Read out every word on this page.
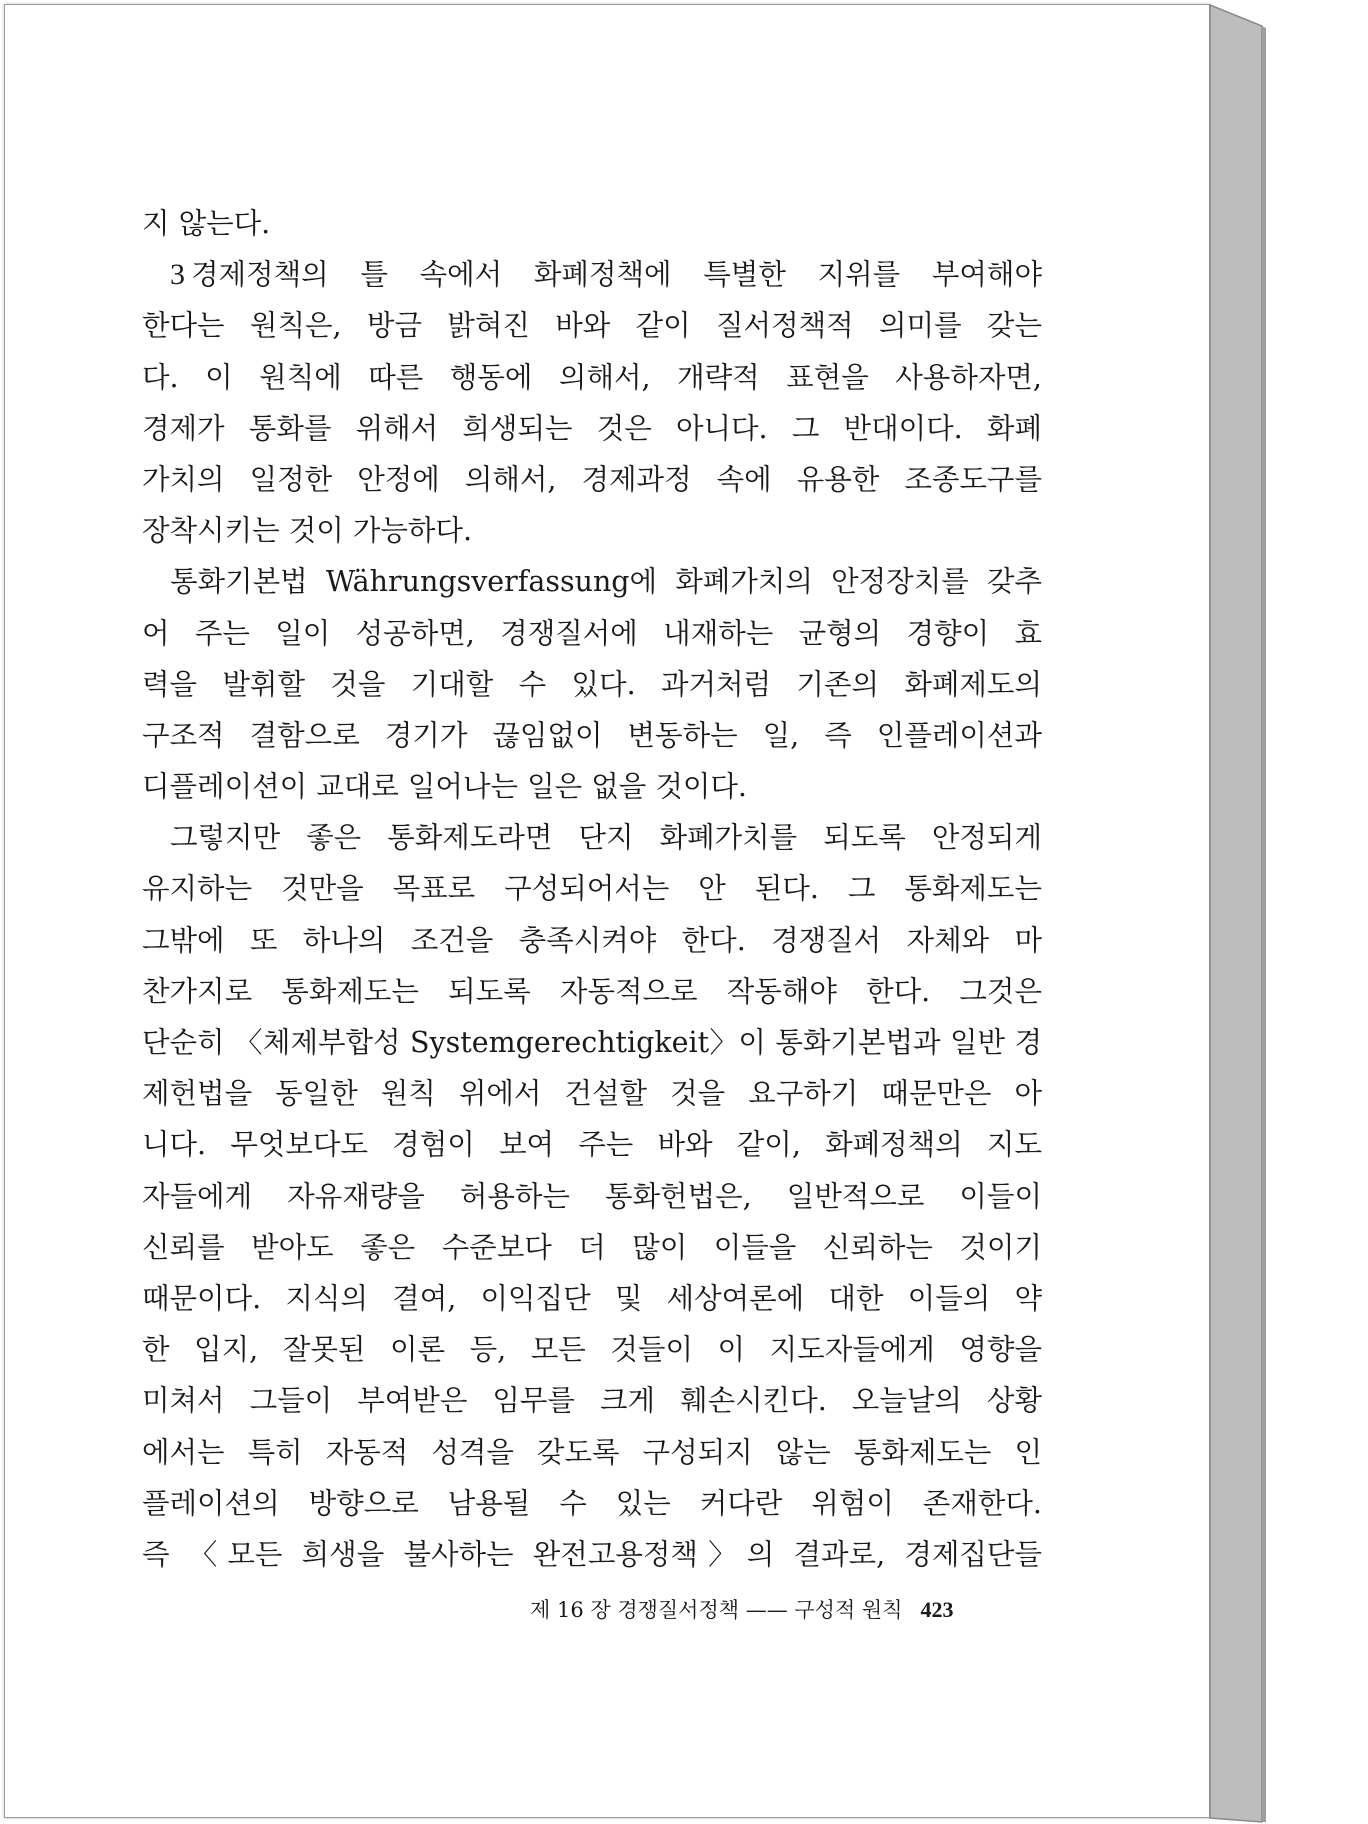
지 않는다.
3 경제정책의 틀 속에서 화폐정책에 특별한 지위를 부여해야
한다는 원칙은, 방금 밝혀진 바와 같이 질서정책적 의미를 갖는
다. 이 원칙에 따른 행동에 의해서, 개략적 표현을 사용하자면,
경제가 통화를 위해서 희생되는 것은 아니다. 그 반대이다. 화폐
가치의 일정한 안정에 의해서, 경제과정 속에 유용한 조종도구를
장착시키는 것이 가능하다.
통화기본법 Währungsverfassung에 화폐가치의 안정장치를 갖추
어 주는 일이 성공하면, 경쟁질서에 내재하는 균형의 경향이 효
력을 발휘할 것을 기대할 수 있다. 과거처럼 기존의 화폐제도의
구조적 결함으로 경기가 끊임없이 변동하는 일, 즉 인플레이션과
디플레이션이 교대로 일어나는 일은 없을 것이다.
그렇지만 좋은 통화제도라면 단지 화폐가치를 되도록 안정되게
유지하는 것만을 목표로 구성되어서는 안 된다. 그 통화제도는
그밖에 또 하나의 조건을 충족시켜야 한다. 경쟁질서 자체와 마
찬가지로 통화제도는 되도록 자동적으로 작동해야 한다. 그것은
단순히 〈체제부합성 Systemgerechtigkeit〉이 통화기본법과 일반 경
제헌법을 동일한 원칙 위에서 건설할 것을 요구하기 때문만은 아
니다. 무엇보다도 경험이 보여 주는 바와 같이, 화폐정책의 지도
자들에게 자유재량을 허용하는 통화헌법은, 일반적으로 이들이
신뢰를 받아도 좋은 수준보다 더 많이 이들을 신뢰하는 것이기
때문이다. 지식의 결여, 이익집단 및 세상여론에 대한 이들의 약
한 입지, 잘못된 이론 등, 모든 것들이 이 지도자들에게 영향을
미쳐서 그들이 부여받은 임무를 크게 훼손시킨다. 오늘날의 상황
에서는 특히 자동적 성격을 갖도록 구성되지 않는 통화제도는 인
플레이션의 방향으로 남용될 수 있는 커다란 위험이 존재한다.
즉 〈모든 희생을 불사하는 완전고용정책〉의 결과로, 경제집단들
제 16 장 경쟁질서정책 —— 구성적 원칙 423
